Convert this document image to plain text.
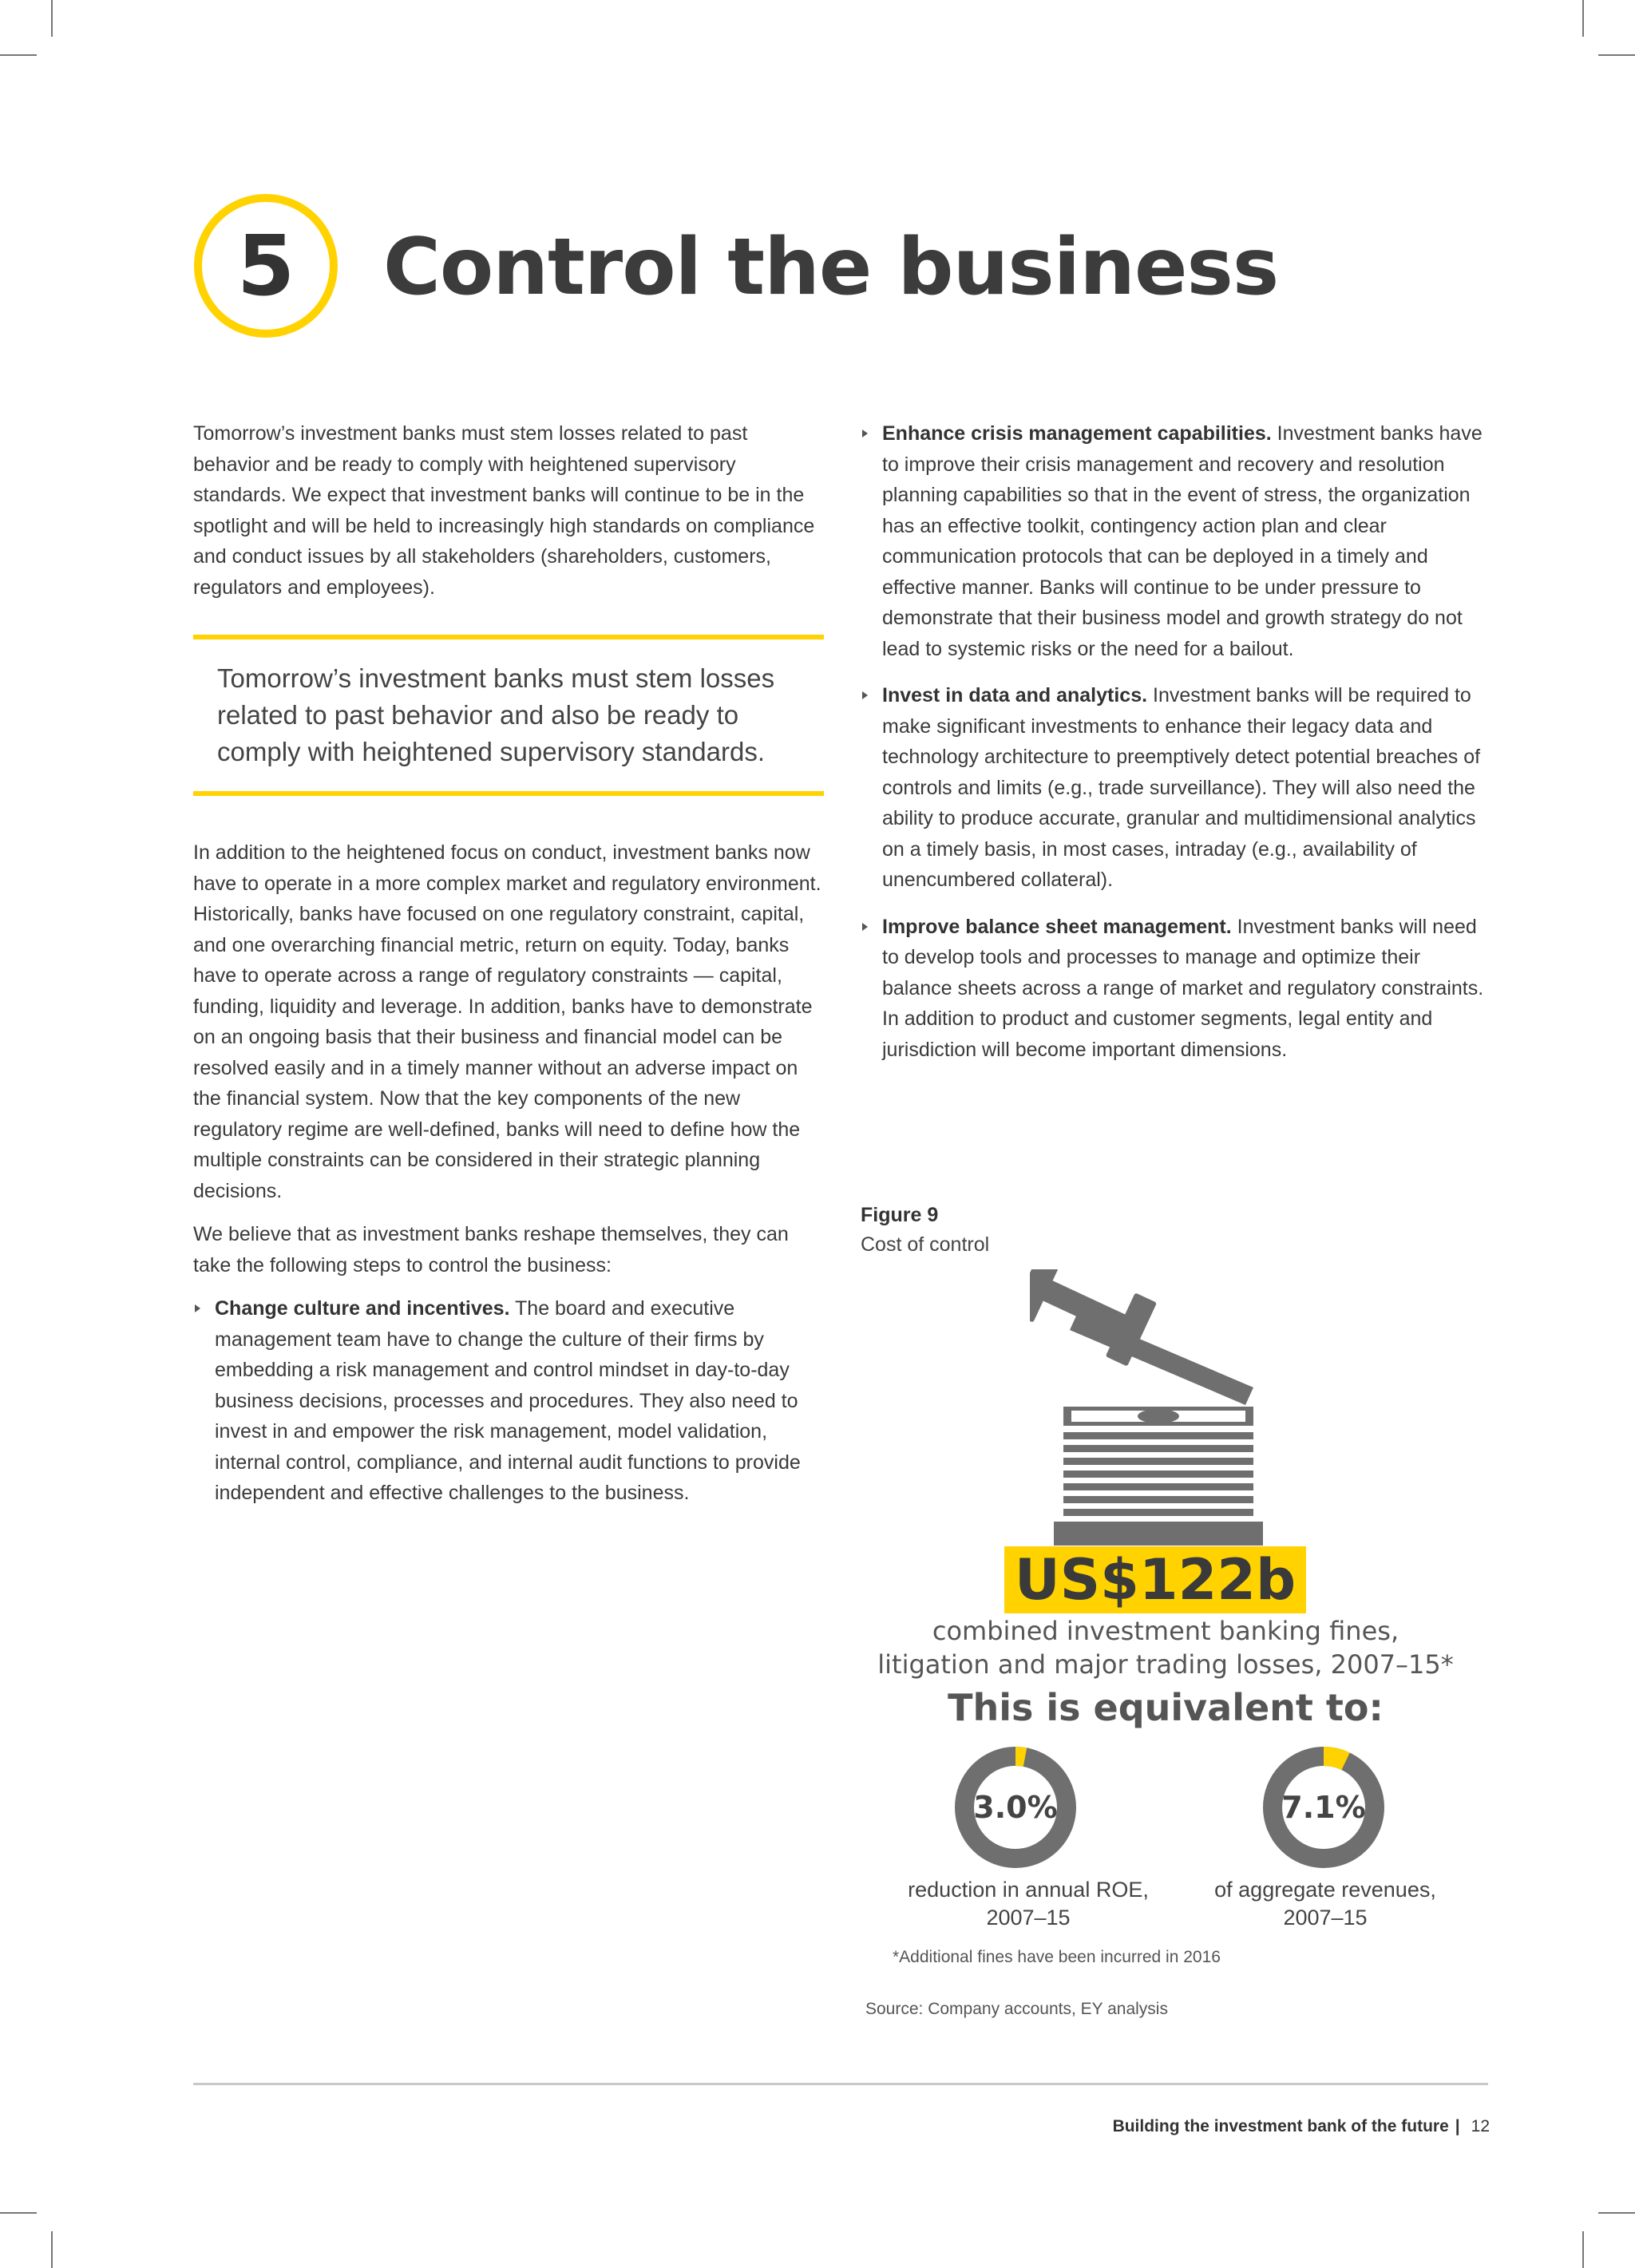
5	Control the business

Tomorrow’s investment banks must stem losses related to past behavior and be ready to comply with heightened supervisory standards. We expect that investment banks will continue to be in the spotlight and will be held to increasingly high standards on compliance and conduct issues by all stakeholders (shareholders, customers, regulators and employees).

Tomorrow’s investment banks must stem losses related to past behavior and also be ready to comply with heightened supervisory standards.

In addition to the heightened focus on conduct, investment banks now have to operate in a more complex market and regulatory environment. Historically, banks have focused on one regulatory constraint, capital, and one overarching financial metric, return on equity. Today, banks have to operate across a range of regulatory constraints — capital, funding, liquidity and leverage. In addition, banks have to demonstrate on an ongoing basis that their business and financial model can be resolved easily and in a timely manner without an adverse impact on the financial system. Now that the key components of the new regulatory regime are well-defined, banks will need to define how the multiple constraints can be considered in their strategic planning decisions.

We believe that as investment banks reshape themselves, they can take the following steps to control the business:

Change culture and incentives. The board and executive management team have to change the culture of their firms by embedding a risk management and control mindset in day-to-day business decisions, processes and procedures. They also need to invest in and empower the risk management, model validation, internal control, compliance, and internal audit functions to provide independent and effective challenges to the business.

Enhance crisis management capabilities. Investment banks have to improve their crisis management and recovery and resolution planning capabilities so that in the event of stress, the organization has an effective toolkit, contingency action plan and clear communication protocols that can be deployed in a timely and effective manner. Banks will continue to be under pressure to demonstrate that their business model and growth strategy do not lead to systemic risks or the need for a bailout.

Invest in data and analytics. Investment banks will be required to make significant investments to enhance their legacy data and technology architecture to preemptively detect potential breaches of controls and limits (e.g., trade surveillance). They will also need the ability to produce accurate, granular and multidimensional analytics on a timely basis, in most cases, intraday (e.g., availability of unencumbered collateral).

Improve balance sheet management. Investment banks will need to develop tools and processes to manage and optimize their balance sheets across a range of market and regulatory constraints. In addition to product and customer segments, legal entity and jurisdiction will become important dimensions.

Figure 9
Cost of control
US$122b
combined investment banking fines,
litigation and major trading losses, 2007–15*
This is equivalent to:
3.0%	7.1%
reduction in annual ROE,
2007–15
of aggregate revenues,
2007–15
*Additional fines have been incurred in 2016
Source: Company accounts, EY analysis
Building the investment bank of the future | 12
